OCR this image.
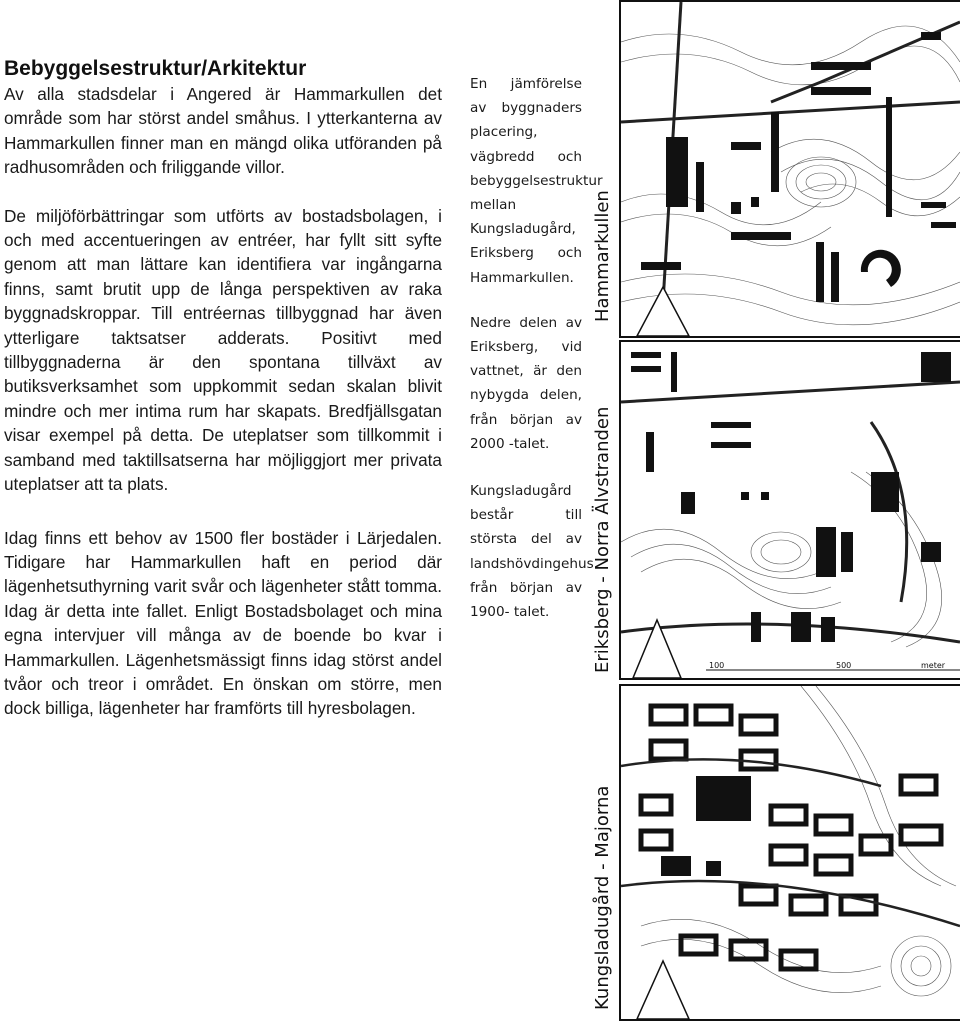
Bebyggelsestruktur/Arkitektur

Av alla stadsdelar i Angered är Hammarkullen det område som har störst andel småhus. I ytterkanterna av Hammarkullen finner man en mängd olika utföranden på radhusområden och friliggande villor.

De miljöförbättringar som utförts av bostadsbolagen, i och med accentueringen av entréer, har fyllt sitt syfte genom att man lättare kan identifiera var ingångarna finns, samt brutit upp de långa perspektiven av raka byggnadskroppar. Till entréernas tillbyggnad har även ytterligare taktsatser adderats. Positivt med tillbyggnaderna är den spontana tillväxt av butiksverksamhet som uppkommit sedan skalan blivit mindre och mer intima rum har skapats. Bredfjällsgatan visar exempel på detta. De uteplatser som tillkommit i samband med taktillsatserna har möjliggjort mer privata uteplatser att ta plats.

Idag finns ett behov av 1500 fler bostäder i Lärjedalen. Tidigare har Hammarkullen haft en period där lägenhetsuthyrning varit svår och lägenheter stått tomma. Idag är detta inte fallet. Enligt Bostadsbolaget och mina egna intervjuer vill många av de boende bo kvar i Hammarkullen. Lägenhetsmässigt finns idag störst andel tvåor och treor i området. En önskan om större, men dock billiga, lägenheter har framförts till hyresbolagen.

En jämförelse av byggnaders placering, vägbredd och bebyggelsestruktur mellan Kungsladugård, Eriksberg och Hammarkullen.

Nedre delen av Eriksberg, vid vattnet, är den nybygda delen, från början av 2000 -talet.

Kungsladugård består till största del av landshövdingehus från början av 1900- talet.

Hammarkullen
Eriksberg - Norra Älvstranden
Kungsladugård - Majorna
100	500	meter
